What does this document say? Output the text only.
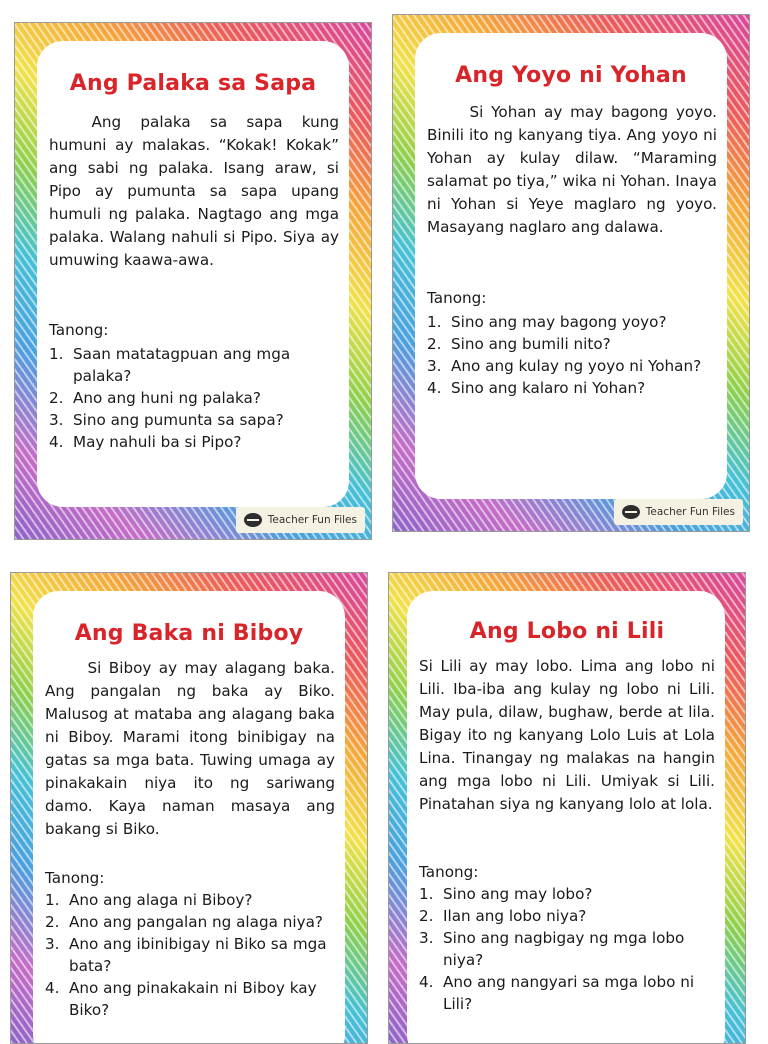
Ang Palaka sa Sapa

Ang palaka sa sapa kung humuni ay malakas. “Kokak! Kokak” ang sabi ng palaka. Isang araw, si Pipo ay pumunta sa sapa upang humuli ng palaka. Nagtago ang mga palaka. Walang nahuli si Pipo. Siya ay umuwing kaawa-awa.

Tanong:

1. Saan matatagpuan ang mga palaka?
2. Ano ang huni ng palaka?
3. Sino ang pumunta sa sapa?
4. May nahuli ba si Pipo?
Teacher Fun Files
Ang Yoyo ni Yohan

Si Yohan ay may bagong yoyo. Binili ito ng kanyang tiya. Ang yoyo ni Yohan ay kulay dilaw. “Maraming salamat po tiya,” wika ni Yohan. Inaya ni Yohan si Yeye maglaro ng yoyo. Masayang naglaro ang dalawa.

Tanong:

1. Sino ang may bagong yoyo?
2. Sino ang bumili nito?
3. Ano ang kulay ng yoyo ni Yohan?
4. Sino ang kalaro ni Yohan?
Teacher Fun Files
Ang Baka ni Biboy

Si Biboy ay may alagang baka. Ang pangalan ng baka ay Biko. Malusog at mataba ang alagang baka ni Biboy. Marami itong binibigay na gatas sa mga bata. Tuwing umaga ay pinakakain niya ito ng sariwang damo. Kaya naman masaya ang bakang si Biko.

Tanong:

1. Ano ang alaga ni Biboy?
2. Ano ang pangalan ng alaga niya?
3. Ano ang ibinibigay ni Biko sa mga bata?
4. Ano ang pinakakain ni Biboy kay Biko?
Ang Lobo ni Lili

Si Lili ay may lobo. Lima ang lobo ni Lili. Iba-iba ang kulay ng lobo ni Lili. May pula, dilaw, bughaw, berde at lila. Bigay ito ng kanyang Lolo Luis at Lola Lina. Tinangay ng malakas na hangin ang mga lobo ni Lili. Umiyak si Lili. Pinatahan siya ng kanyang lolo at lola.

Tanong:

1. Sino ang may lobo?
2. Ilan ang lobo niya?
3. Sino ang nagbigay ng mga lobo niya?
4. Ano ang nangyari sa mga lobo ni Lili?
